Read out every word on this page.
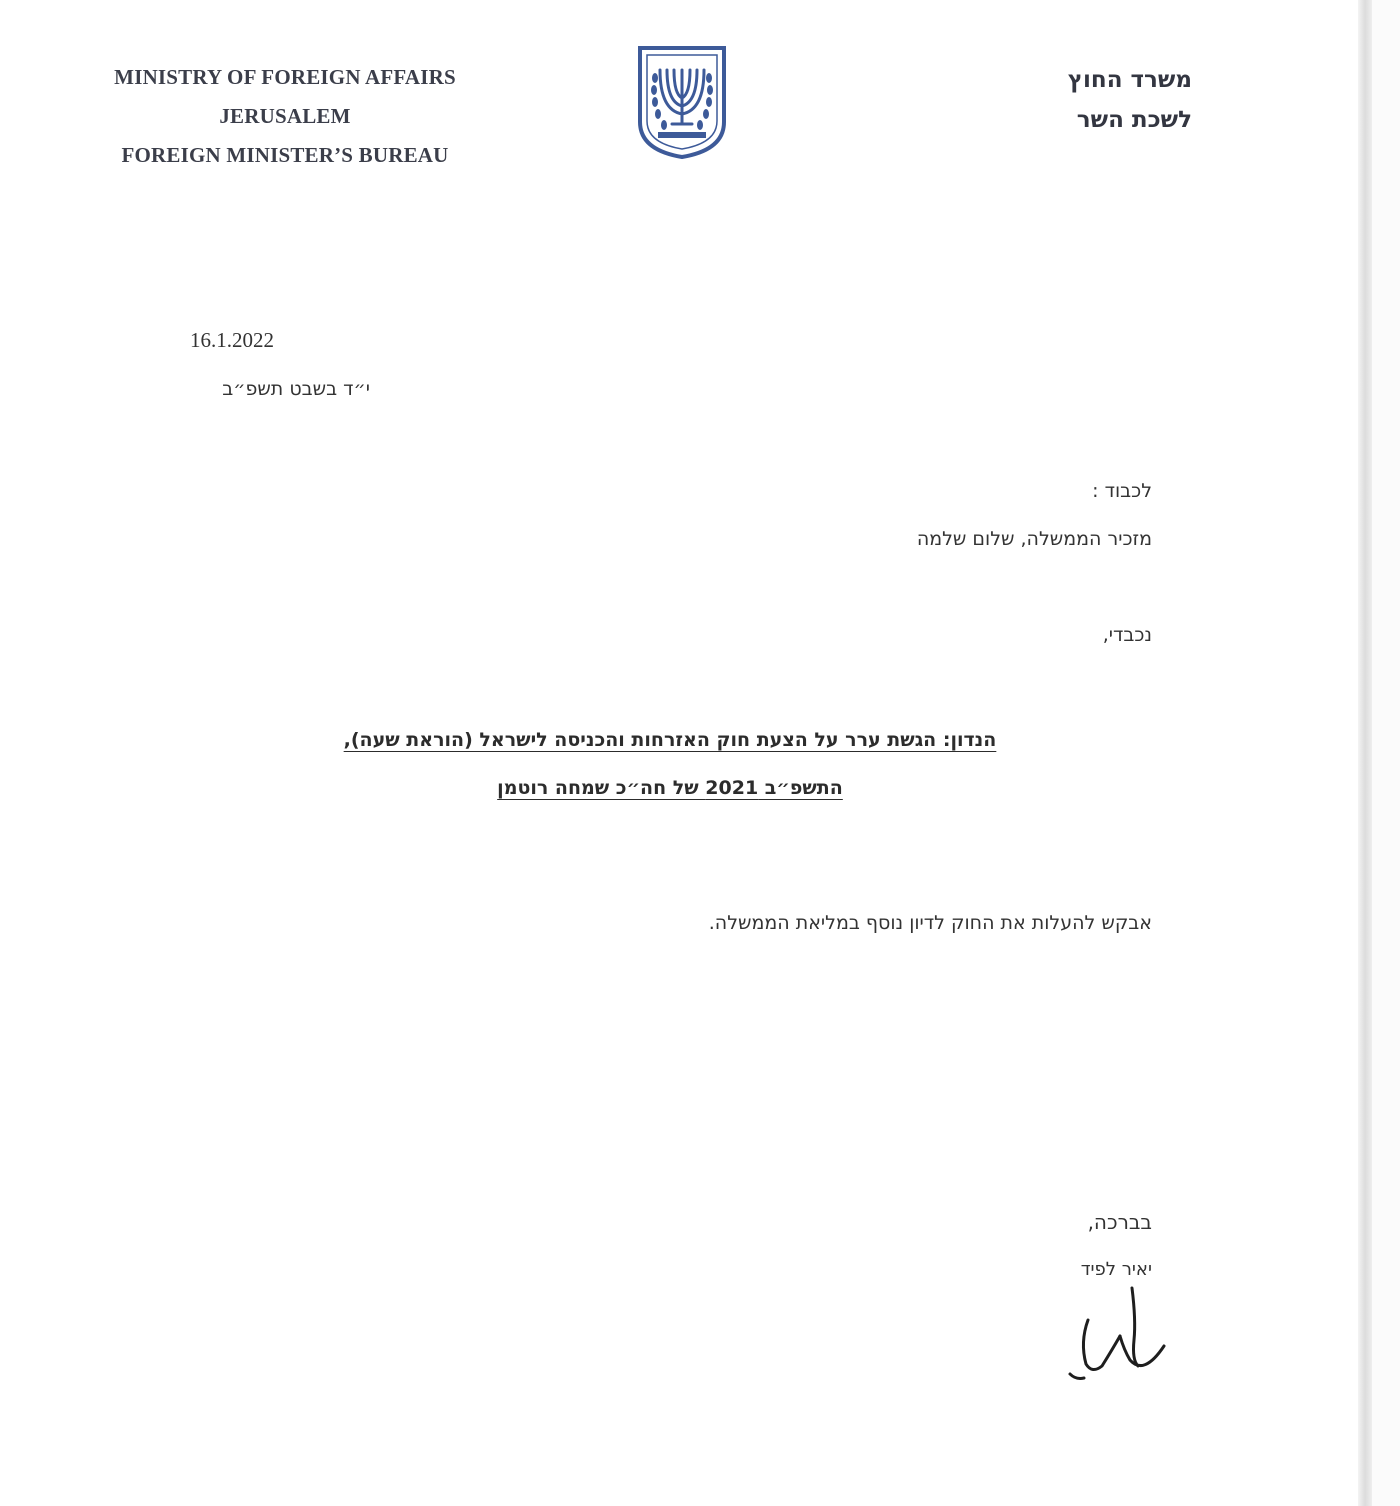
MINISTRY OF FOREIGN AFFAIRS
JERUSALEM
FOREIGN MINISTER’S BUREAU
משרד החוץ
לשכת השר
16.1.2022
י״ד בשבט תשפ״ב
לכבוד :
מזכיר הממשלה, שלום שלמה
נכבדי,
הנדון: הגשת ערר על הצעת חוק האזרחות והכניסה לישראל (הוראת שעה),
התשפ״ב 2021 של חה״כ שמחה רוטמן
אבקש להעלות את החוק לדיון נוסף במליאת הממשלה.
בברכה,
יאיר לפיד
